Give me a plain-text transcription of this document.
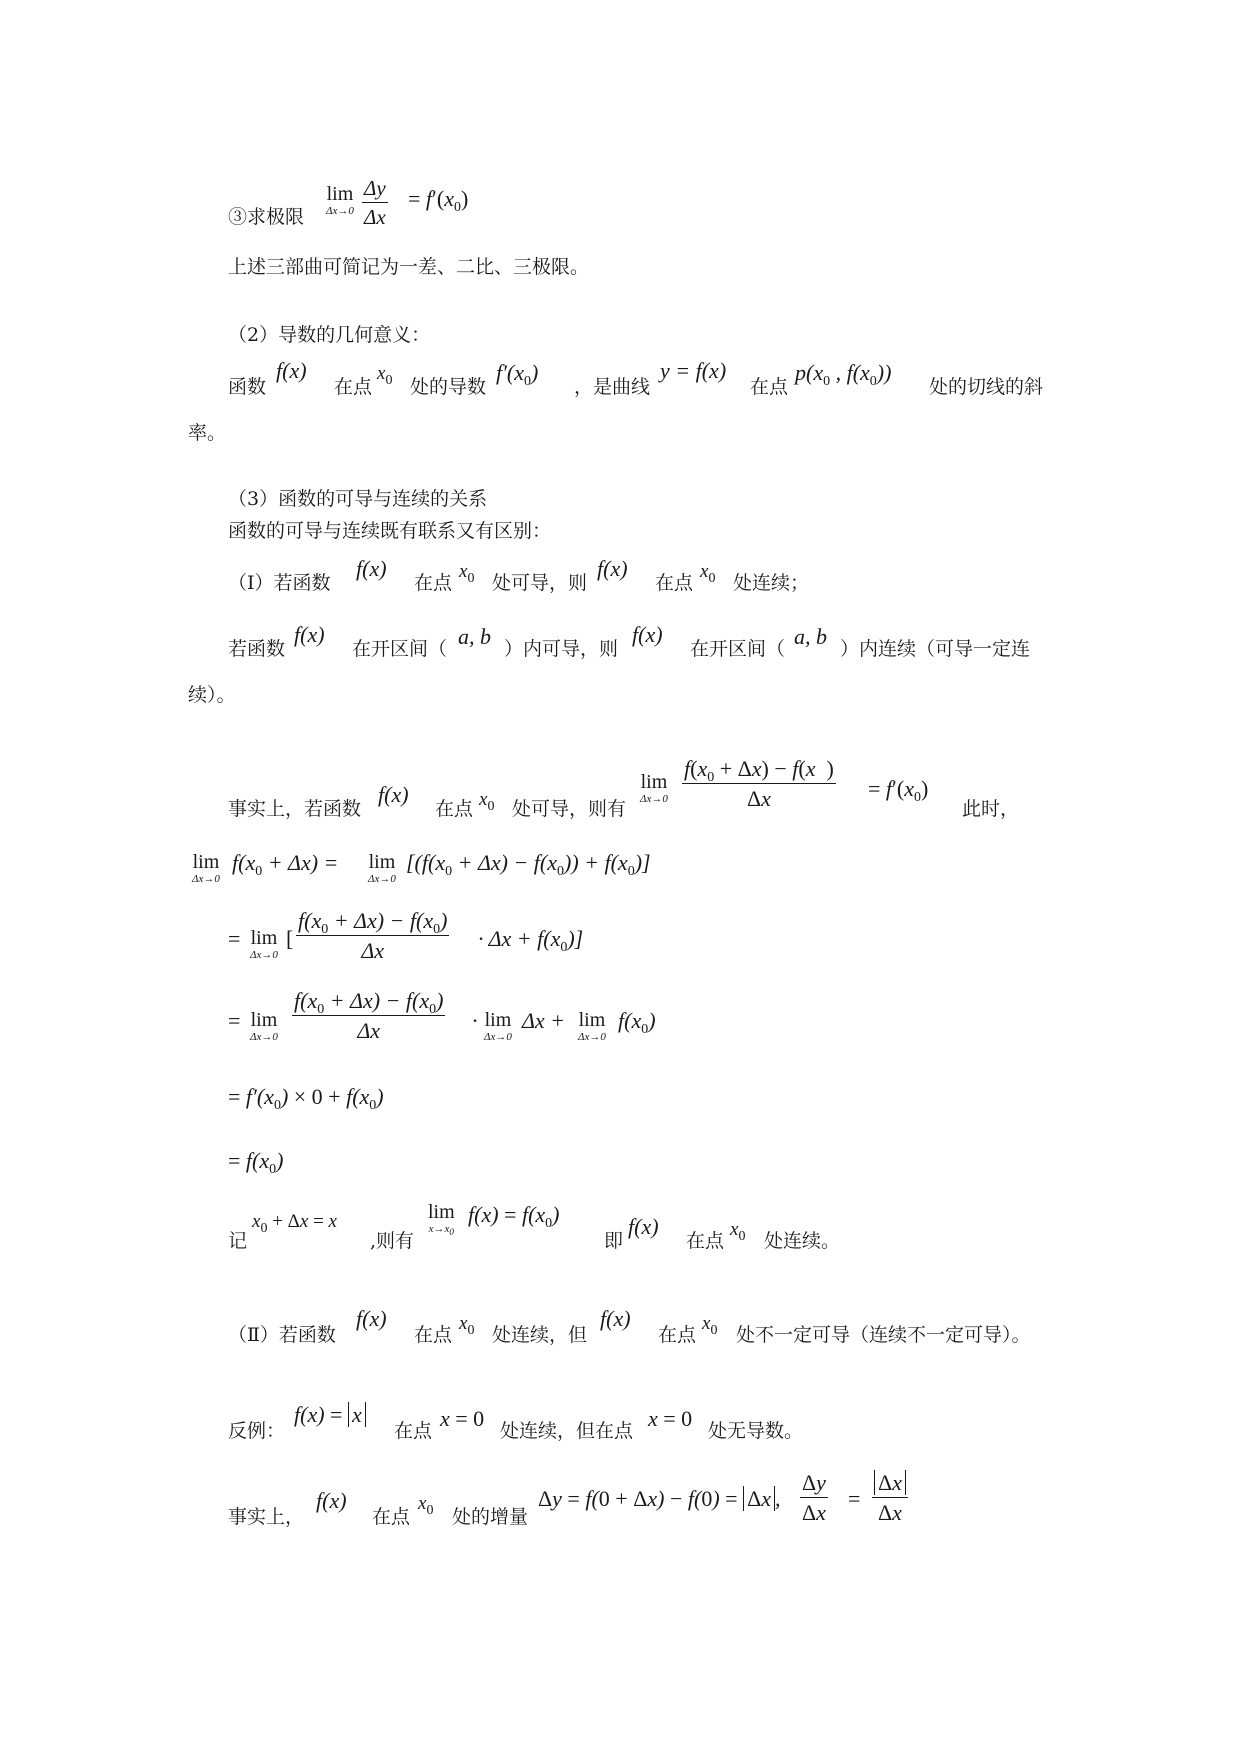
lim
$\Delta x\to 0 \frac{\Delta y}{\Delta x} = f'(x_0)$
③求极限
上述三部曲可简记为一差、二比、三极限。
（2）导数的几何意义：
函数
f(x)
在点
$x_0$ 处的导数
$f'(x_0)$
，是曲线
y = f(x)
在点
$p(x_0$ , $f(x_0)$)
处的切线的斜
率。
（3）函数的可导与连续的关系
函数的可导与连续既有联系又有区别：
（Ⅰ）若函数
f(x)
在点
$x_0$ 处可导，则
f(x)
在点
$x_0$ 处连续；
若函数
f(x)
在开区间（ a, b ）内可导，则
f(x)
在开区间（ a, b ）内连续（可导一定连
续）。
事实上，若函数
f(x)
在点 $x_0$ 处可导，则有
lim
$\Delta x\to 0 \frac{f(x_0 + \Delta x) - f(x )}{\Delta x} = f'(x_0)$
此时，
lim
Δx→0
$f(x_0 + \Delta x) = \lim$
Δx→0
$[(f(x_0 + \Delta x) - f(x_0)) + f(x_0)]$
= lim
Δx→0
[ $\frac{f(x_0 + \Delta x) - f(x_0)}{\Delta x} \cdot \Delta x + f(x_0)$]
= lim
$\Delta x\to 0 \frac{f(x_0 + \Delta x) - f(x_0)}{\Delta x} \cdot \lim$
Δx→0
Δx + lim
Δx→0
$f(x_0)$
= $f'(x_0) \times 0 + f(x_0)$
= $f(x_0)$
记
$x_0 + \Delta x = x$
,则有
lim
$x\to x_0$
$f(x) = f(x_0)$
即
f(x)
在点
$x_0$ 处连续。
（Ⅱ）若函数
f(x)
在点
$x_0$ 处连续，但
f(x)
在点
$x_0$ 处不一定可导（连续不一定可导）。
反例：
f(x) = x
在点 x = 0 处连续，但在点 x = 0 处无导数。
事实上，
f(x)
在点
$x_0$ 处的增量
Δy = f(0 + Δx) − f(0) = Δx , $\frac{\Delta y}{\Delta x} = \frac{\Delta x}{\Delta x}$
